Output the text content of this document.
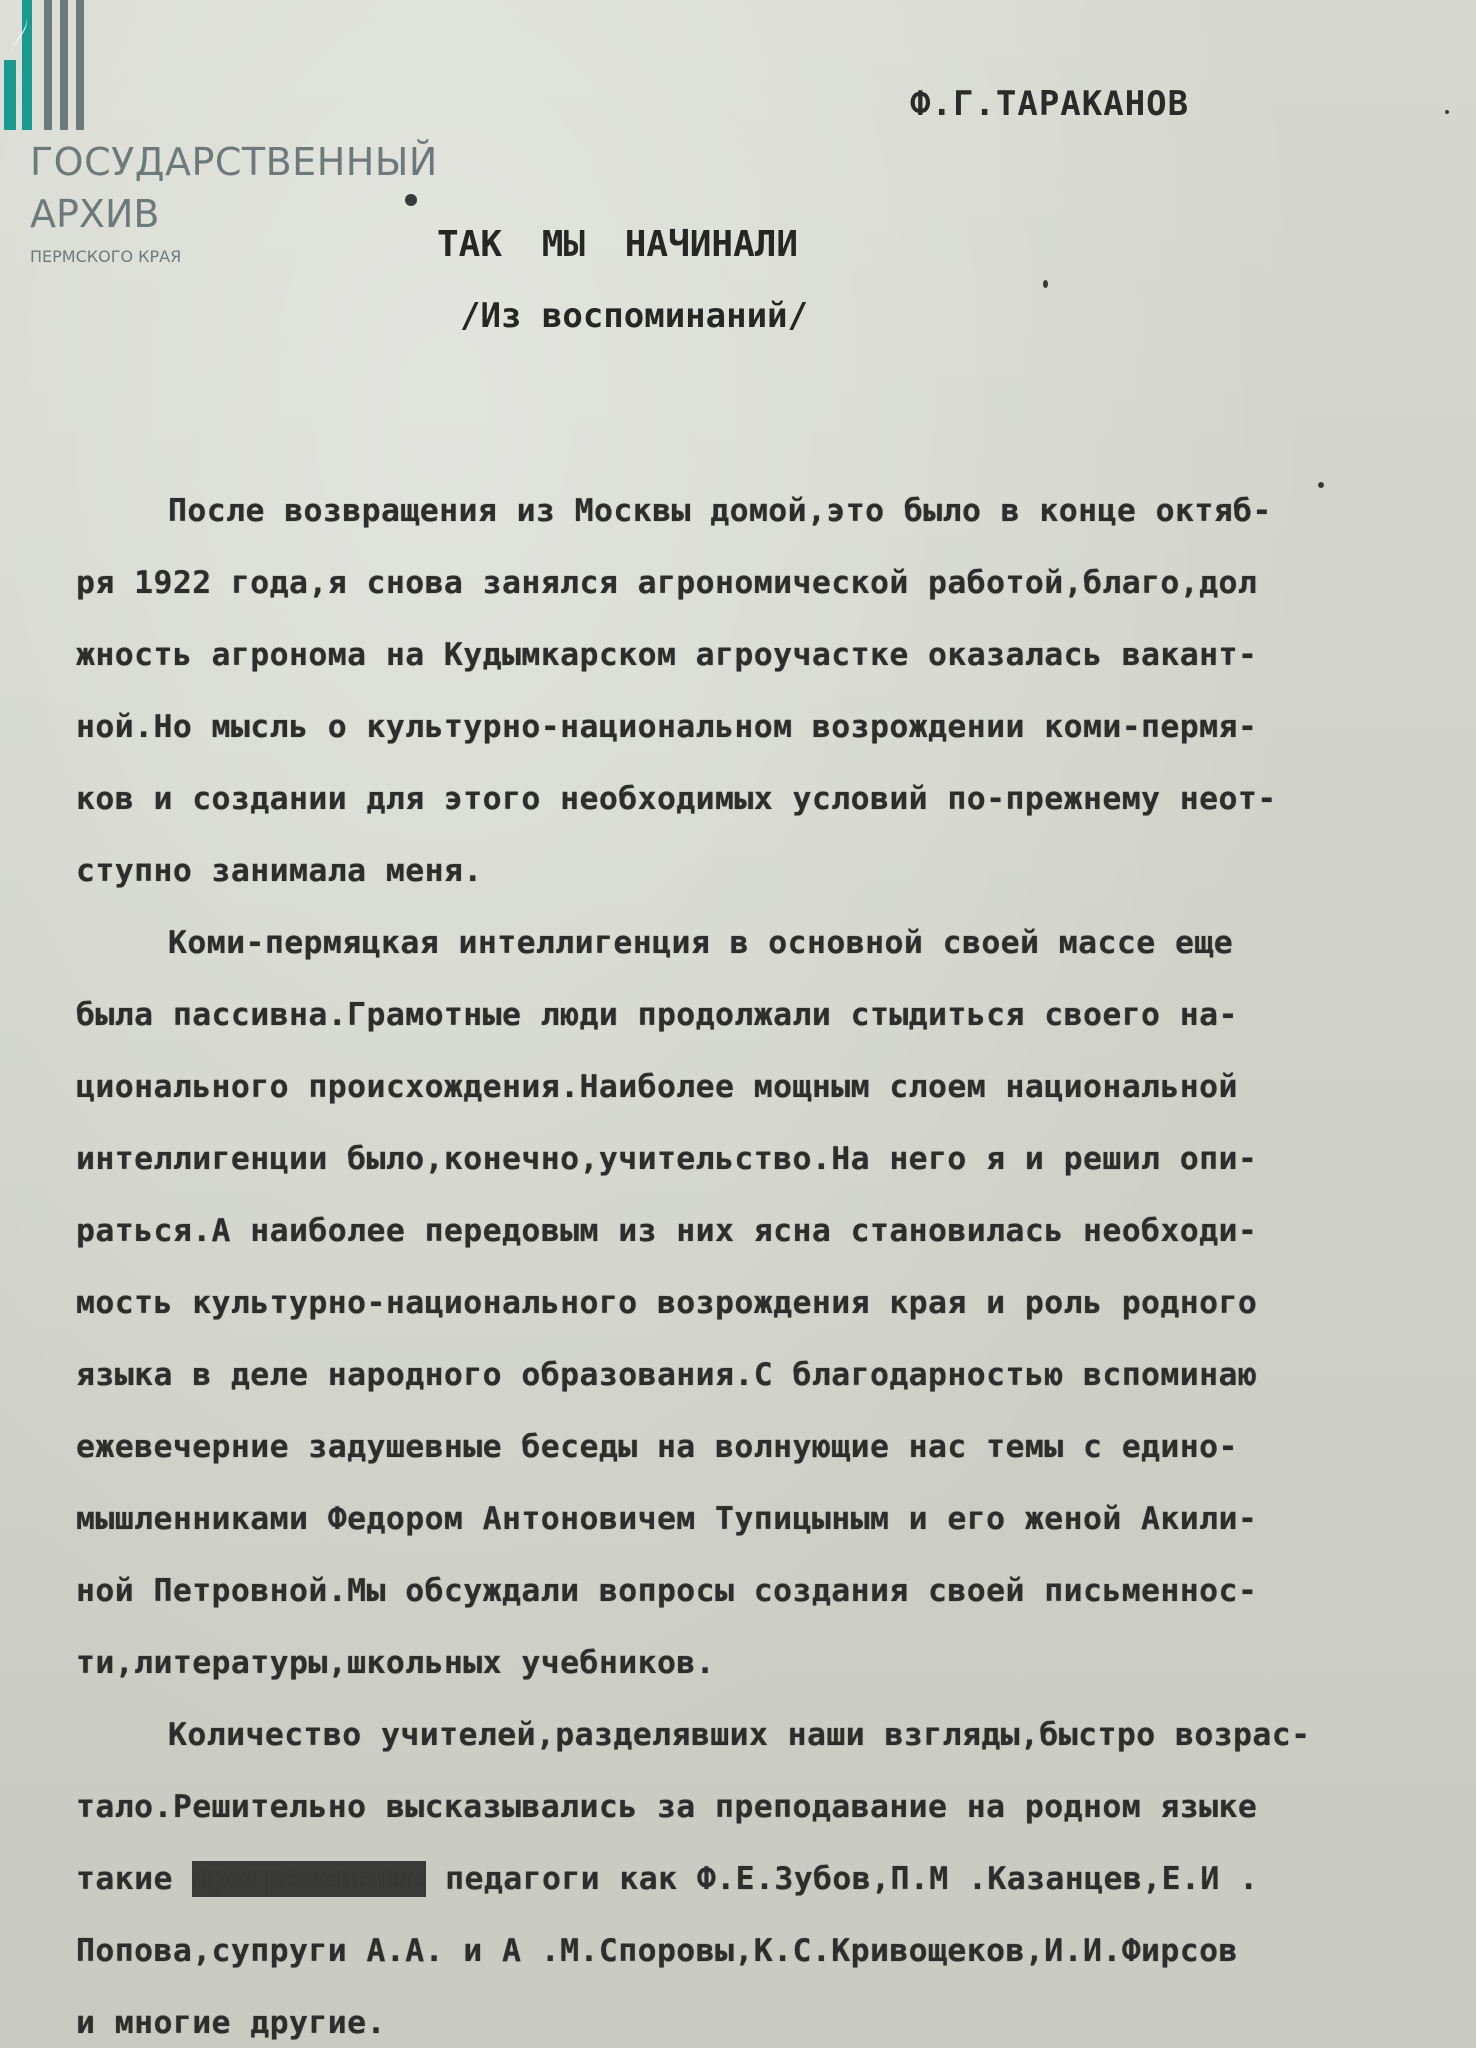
ГОСУДАРСТВЕННЫЙ
АРХИВ
ПЕРМСКОГО КРАЯ
Ф.Г.ТАРАКАНОВ
ТАК МЫ НАЧИНАЛИ
/Из воспоминаний/
После возвращения из Москвы домой,это было в конце октяб-
ря 1922 года,я снова занялся агрономической работой,благо,дол
жность агронома на Кудымкарском агроучастке оказалась вакант-
ной.Но мысль о культурно-национальном возрождении коми-пермя-
ков и создании для этого необходимых условий по-прежнему неот-
ступно занимала меня.
Коми-пермяцкая интеллигенция в основной своей массе еще
была пассивна.Грамотные люди продолжали стыдиться своего на-
ционального происхождения.Наиболее мощным слоем национальной
интеллигенции было,конечно,учительство.На него я и решил опи-
раться.А наиболее передовым из них ясна становилась необходи-
мость культурно-национального возрождения края и роль родного
языка в деле народного образования.С благодарностью вспоминаю
ежевечерние задушевные беседы на волнующие нас темы с едино-
мышленниками Федором Антоновичем Тупицыным и его женой Акили-
ной Петровной.Мы обсуждали вопросы создания своей письменнос-
ти,литературы,школьных учебников.
Количество учителей,разделявших наши взгляды,быстро возрас-
тало.Решительно высказывались за преподавание на родном языке
такие прогрессивные педагоги как Ф.Е.Зубов,П.М .Казанцев,Е.И .
Попова,супруги А.А. и А .М.Споровы,К.С.Кривощеков,И.И.Фирсов
и многие другие.
